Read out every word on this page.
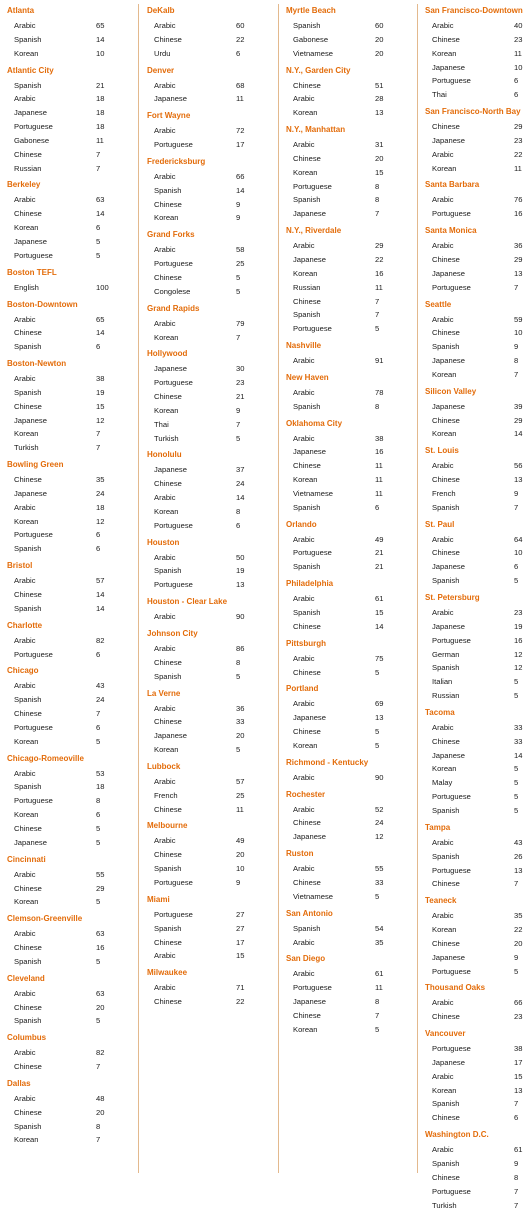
Atlanta
Arabic	65
Spanish	14
Korean	10
Atlantic City
Spanish	21
Arabic	18
Japanese	18
Portuguese	18
Gabonese	11
Chinese	7
Russian	7
Berkeley
Arabic	63
Chinese	14
Korean	6
Japanese	5
Portuguese	5
Boston TEFL
English	100
Boston-Downtown
Arabic	65
Chinese	14
Spanish	6
Boston-Newton
Arabic	38
Spanish	19
Chinese	15
Japanese	12
Korean	7
Turkish	7
Bowling Green
Chinese	35
Japanese	24
Arabic	18
Korean	12
Portuguese	6
Spanish	6
Bristol
Arabic	57
Chinese	14
Spanish	14
Charlotte
Arabic	82
Portuguese	6
Chicago
Arabic	43
Spanish	24
Chinese	7
Portuguese	6
Korean	5
Chicago-Romeoville
Arabic	53
Spanish	18
Portuguese	8
Korean	6
Chinese	5
Japanese	5
Cincinnati
Arabic	55
Chinese	29
Korean	5
Clemson-Greenville
Arabic	63
Chinese	16
Spanish	5
Cleveland
Arabic	63
Chinese	20
Spanish	5
Columbus
Arabic	82
Chinese	7
Dallas
Arabic	48
Chinese	20
Spanish	8
Korean	7
DeKalb
Arabic	60
Chinese	22
Urdu	6
Denver
Arabic	68
Japanese	11
Fort Wayne
Arabic	72
Portuguese	17
Fredericksburg
Arabic	66
Spanish	14
Chinese	9
Korean	9
Grand Forks
Arabic	58
Portuguese	25
Chinese	5
Congolese	5
Grand Rapids
Arabic	79
Korean	7
Hollywood
Japanese	30
Portuguese	23
Chinese	21
Korean	9
Thai	7
Turkish	5
Honolulu
Japanese	37
Chinese	24
Arabic	14
Korean	8
Portuguese	6
Houston
Arabic	50
Spanish	19
Portuguese	13
Houston - Clear Lake
Arabic	90
Johnson City
Arabic	86
Chinese	8
Spanish	5
La Verne
Arabic	36
Chinese	33
Japanese	20
Korean	5
Lubbock
Arabic	57
French	25
Chinese	11
Melbourne
Arabic	49
Chinese	20
Spanish	10
Portuguese	9
Miami
Portuguese	27
Spanish	27
Chinese	17
Arabic	15
Milwaukee
Arabic	71
Chinese	22
Myrtle Beach
Spanish	60
Gabonese	20
Vietnamese	20
N.Y., Garden City
Chinese	51
Arabic	28
Korean	13
N.Y., Manhattan
Arabic	31
Chinese	20
Korean	15
Portuguese	8
Spanish	8
Japanese	7
N.Y., Riverdale
Arabic	29
Japanese	22
Korean	16
Russian	11
Chinese	7
Spanish	7
Portuguese	5
Nashville
Arabic	91
New Haven
Arabic	78
Spanish	8
Oklahoma City
Arabic	38
Japanese	16
Chinese	11
Korean	11
Vietnamese	11
Spanish	6
Orlando
Arabic	49
Portuguese	21
Spanish	21
Philadelphia
Arabic	61
Spanish	15
Chinese	14
Pittsburgh
Arabic	75
Chinese	5
Portland
Arabic	69
Japanese	13
Chinese	5
Korean	5
Richmond - Kentucky
Arabic	90
Rochester
Arabic	52
Chinese	24
Japanese	12
Ruston
Arabic	55
Chinese	33
Vietnamese	5
San Antonio
Spanish	54
Arabic	35
San Diego
Arabic	61
Portuguese	11
Japanese	8
Chinese	7
Korean	5
San Francisco-Downtown
Arabic	40
Chinese	23
Korean	11
Japanese	10
Portuguese	6
Thai	6
San Francisco-North Bay
Chinese	29
Japanese	23
Arabic	22
Korean	11
Santa Barbara
Arabic	76
Portuguese	16
Santa Monica
Arabic	36
Chinese	29
Japanese	13
Portuguese	7
Seattle
Arabic	59
Chinese	10
Spanish	9
Japanese	8
Korean	7
Silicon Valley
Japanese	39
Chinese	29
Korean	14
St. Louis
Arabic	56
Chinese	13
French	9
Spanish	7
St. Paul
Arabic	64
Chinese	10
Japanese	6
Spanish	5
St. Petersburg
Arabic	23
Japanese	19
Portuguese	16
German	12
Spanish	12
Italian	5
Russian	5
Tacoma
Arabic	33
Chinese	33
Japanese	14
Korean	5
Malay	5
Portuguese	5
Spanish	5
Tampa
Arabic	43
Spanish	26
Portuguese	13
Chinese	7
Teaneck
Arabic	35
Korean	22
Chinese	20
Japanese	9
Portuguese	5
Thousand Oaks
Arabic	66
Chinese	23
Vancouver
Portuguese	38
Japanese	17
Arabic	15
Korean	13
Spanish	7
Chinese	6
Washington D.C.
Arabic	61
Spanish	9
Chinese	8
Portuguese	7
Turkish	7
